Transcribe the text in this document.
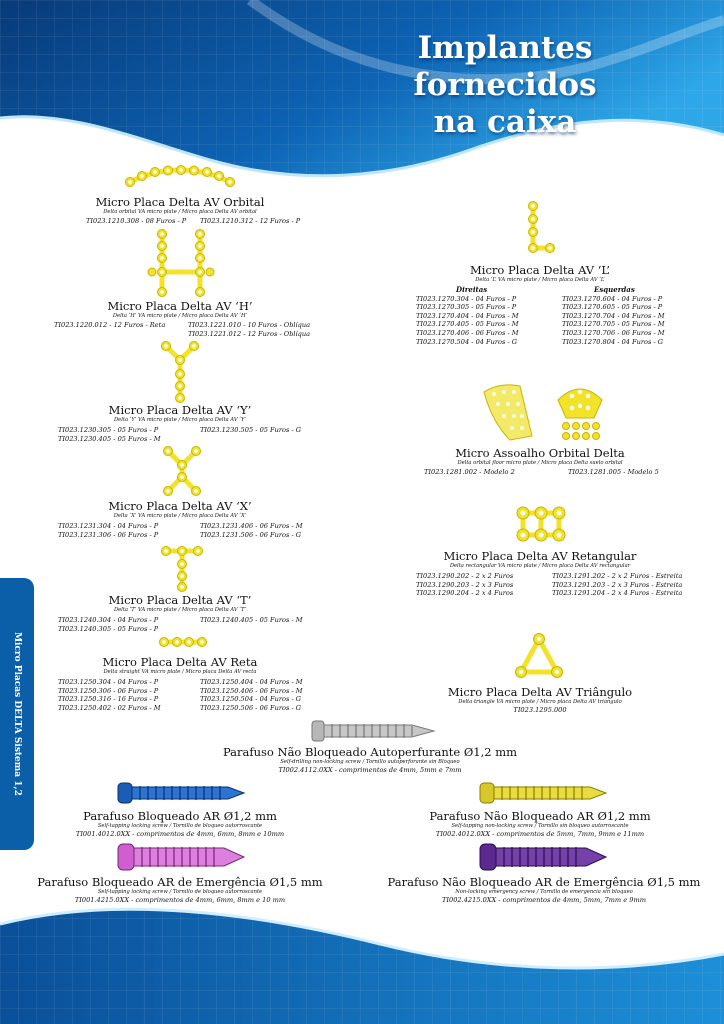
Implantes fornecidos
na caixa
Micro Placas DELTA Sistema 1,2
Micro Placa Delta AV Orbital
Delta orbital VA micro plate / Micro placa Delta AV orbital
TI023.1210.308 - 08 Furos - P TI023.1210.312 - 12 Furos - P
Micro Placa Delta AV ‘H’
Delta ‘H’ VA micro plate / Micro placa Delta AV ‘H’
TI023.1220.012 - 12 Furos - Reta	TI023.1221.010 - 10 Furos - Oblíqua
TI023.1221.012 - 12 Furos - Oblíqua
Micro Placa Delta AV ‘Y’
Delta ‘Y’ VA micro plate / Micro placa Delta AV ‘Y’
TI023.1230.305 - 05 Furos - P
TI023.1230.405 - 05 Furos - M
TI023.1230.505 - 05 Furos - G
Micro Placa Delta AV ‘X’
Delta ‘X’ VA micro plate / Micro placa Delta AV ‘X’
TI023.1231.304 - 04 Furos - P
TI023.1231.306 - 06 Furos - P
TI023.1231.406 - 06 Furos - M
TI023.1231.506 - 06 Furos - G
Micro Placa Delta AV ‘T’
Delta ‘T’ VA micro plate / Micro placa Delta AV ‘T’
TI023.1240.304 - 04 Furos - P
TI023.1240.305 - 05 Furos - P
TI023.1240.405 - 05 Furos - M
Micro Placa Delta AV Reta
Delta straight VA micro plate / Micro placa Delta AV recta
TI023.1250.304 - 04 Furos - P
TI023.1250.306 - 06 Furos - P
TI023.1250.316 - 16 Furos - P
TI023.1250.402 - 02 Furos - M
TI023.1250.404 - 04 Furos - M
TI023.1250.406 - 06 Furos - M
TI023.1250.504 - 04 Furos - G
TI023.1250.506 - 06 Furos - G
Micro Placa Delta AV ‘L’
Delta ‘L’ VA micro plate / Micro placa Delta AV ‘L’
Direitas
TI023.1270.304 - 04 Furos - P
TI023.1270.305 - 05 Furos - P
TI023.1270.404 - 04 Furos - M
TI023.1270.405 - 05 Furos - M
TI023.1270.406 - 06 Furos - M
TI023.1270.504 - 04 Furos - G
Esquerdas
TI023.1270.604 - 04 Furos - P
TI023.1270.605 - 05 Furos - P
TI023.1270.704 - 04 Furos - M
TI023.1270.705 - 05 Furos - M
TI023.1270.706 - 06 Furos - M
TI023.1270.804 - 04 Furos - G
Micro Assoalho Orbital Delta
Delta orbital floor micro plate / Micro placa Delta suelo orbital
TI023.1281.002 - Modelo 2	TI023.1281.005 - Modelo 5
Micro Placa Delta AV Retangular
Delta rectangular VA micro plate / Micro placa Delta AV rectangular
TI023.1290.202 - 2 x 2 Furos
TI023.1290.203 - 2 x 3 Furos
TI023.1290.204 - 2 x 4 Furos
TI023.1291.202 - 2 x 2 Furos - Estreita
TI023.1291.203 - 2 x 3 Furos - Estreita
TI023.1291.204 - 2 x 4 Furos - Estreita
Micro Placa Delta AV Triângulo
Delta triangle VA micro plate / Micro placa Delta AV triángulo
TI023.1295.000
Parafuso Não Bloqueado Autoperfurante Ø1,2 mm
Self-drilling non-locking screw / Tornillo autoperforante sin Bloqueo
TI002.4112.0XX - comprimentos de 4mm, 5mm e 7mm
Parafuso Bloqueado AR Ø1,2 mm
Self-tapping locking screw / Tornillo de bloqueo autorroscante
TI001.4012.0XX - comprimentos de 4mm, 6mm, 8mm e 10mm
Parafuso Não Bloqueado AR Ø1,2 mm
Self-tapping non-locking screw / Tornillo sin bloqueo autorroscante
TI002.4012.0XX - comprimentos de 5mm, 7mm, 9mm e 11mm
Parafuso Bloqueado AR de Emergência Ø1,5 mm
Self-tapping locking screw / Tornillo de bloqueo autorroscante
TI001.4215.0XX - comprimentos de 4mm, 6mm, 8mm e 10 mm
Parafuso Não Bloqueado AR de Emergência Ø1,5 mm
Non-locking emergency screw / Tornillo de emergencia sin bloqueo
TI002.4215.0XX - comprimentos de 4mm, 5mm, 7mm e 9mm
